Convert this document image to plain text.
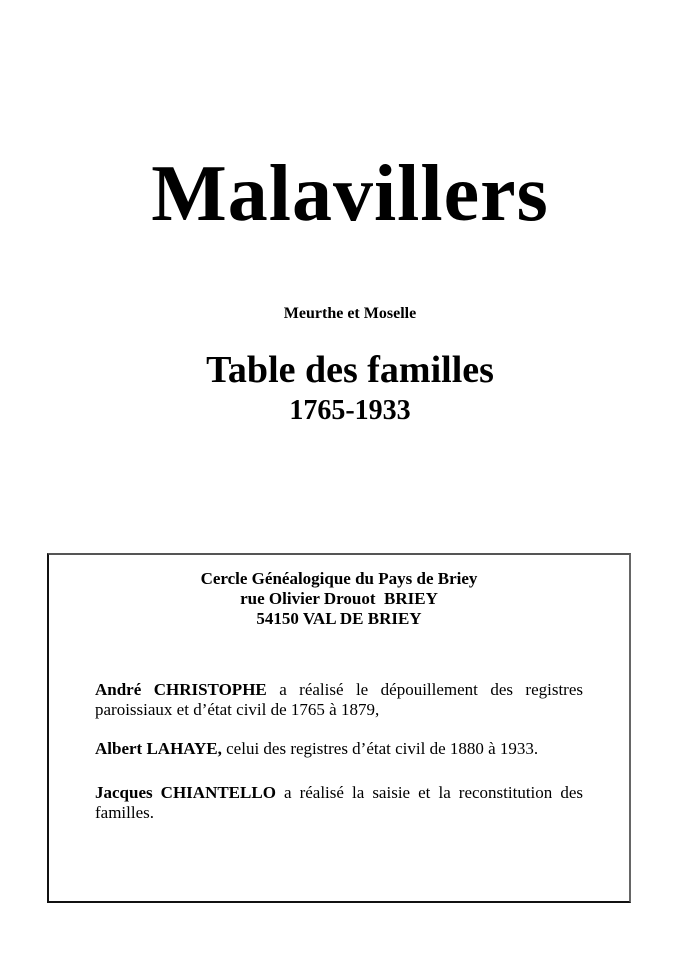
Malavillers
Meurthe et Moselle
Table des familles
1765-1933
Cercle Généalogique du Pays de Briey
rue Olivier Drouot  BRIEY
54150 VAL DE BRIEY
André CHRISTOPHE a réalisé le dépouillement des registres paroissiaux et d’état civil de 1765 à 1879,
Albert LAHAYE, celui des registres d’état civil de 1880 à 1933.
Jacques CHIANTELLO a réalisé la saisie et la reconstitution des familles.
